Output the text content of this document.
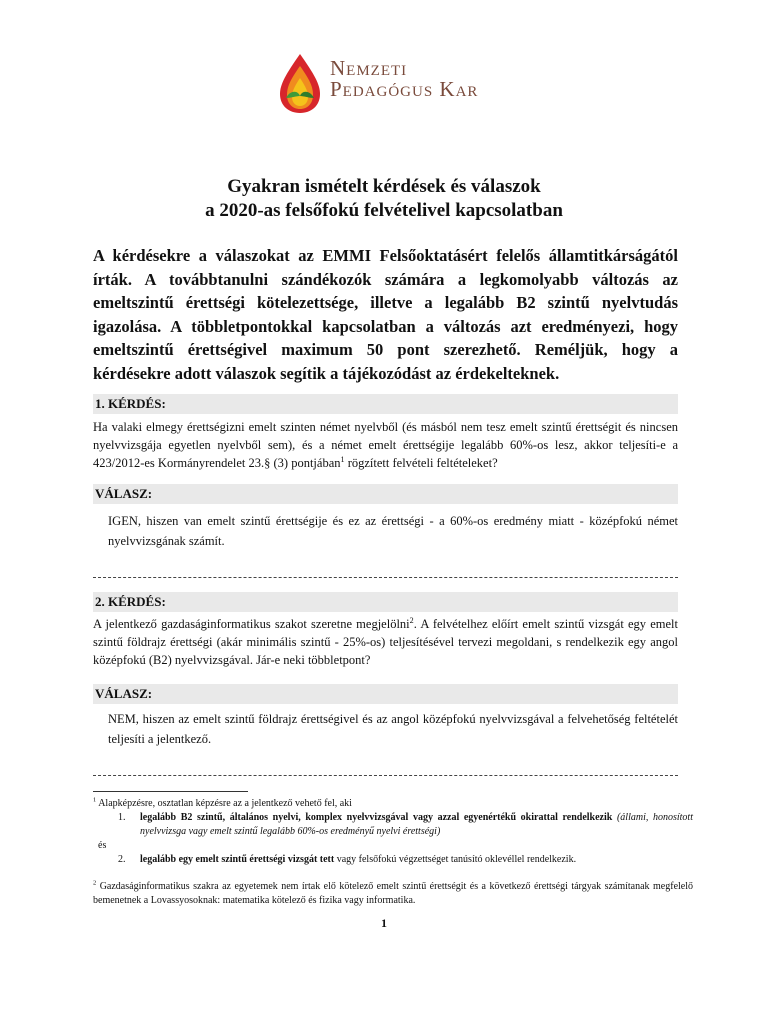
Nemzeti
Pedagógus Kar
Gyakran ismételt kérdések és válaszok
a 2020-as felsőfokú felvételivel kapcsolatban
A kérdésekre a válaszokat az EMMI Felsőoktatásért felelős államtitkárságától írták. A továbbtanulni szándékozók számára a legkomolyabb változás az emeltszintű érettségi kötelezettsége, illetve a legalább B2 szintű nyelvtudás igazolása. A többletpontokkal kapcsolatban a változás azt eredményezi, hogy emeltszintű érettségivel maximum 50 pont szerezhető. Reméljük, hogy a kérdésekre adott válaszok segítik a tájékozódást az érdekelteknek.
1. KÉRDÉS:
Ha valaki elmegy érettségizni emelt szinten német nyelvből (és másból nem tesz emelt szintű érettségit és nincsen nyelvvizsgája egyetlen nyelvből sem), és a német emelt érettségije legalább 60%-os lesz, akkor teljesíti-e a 423/2012-es Kormányrendelet 23.§ (3) pontjában$^1$ rögzített felvételi feltételeket?
VÁLASZ:
IGEN, hiszen van emelt szintű érettségije és ez az érettségi - a 60%-os eredmény miatt - középfokú német nyelvvizsgának számít.
2. KÉRDÉS:
A jelentkező gazdaságinformatikus szakot szeretne megjelölni$^2$. A felvételhez előírt emelt szintű vizsgát egy emelt szintű földrajz érettségi (akár minimális szintű - 25%-os) teljesítésével tervezi megoldani, s rendelkezik egy angol középfokú (B2) nyelvvizsgával. Jár-e neki többletpont?
VÁLASZ:
NEM, hiszen az emelt szintű földrajz érettségivel és az angol középfokú nyelvvizsgával a felvehetőség feltételét teljesíti a jelentkező.
$^1$ Alapképzésre, osztatlan képzésre az a jelentkező vehető fel, aki
1. legalább B2 szintű, általános nyelvi, komplex nyelvvizsgával vagy azzal egyenértékű okirattal rendelkezik (állami, honosított nyelvvizsga vagy emelt szintű legalább 60%-os eredményű nyelvi érettségi)
és
2. legalább egy emelt szintű érettségi vizsgát tett vagy felsőfokú végzettséget tanúsító oklevéllel rendelkezik.
$^2$ Gazdaságinformatikus szakra az egyetemek nem írtak elő kötelező emelt szintű érettségit és a következő érettségi tárgyak számítanak megfelelő bemenetnek a Lovassyosoknak: matematika kötelező és fizika vagy informatika.
1
